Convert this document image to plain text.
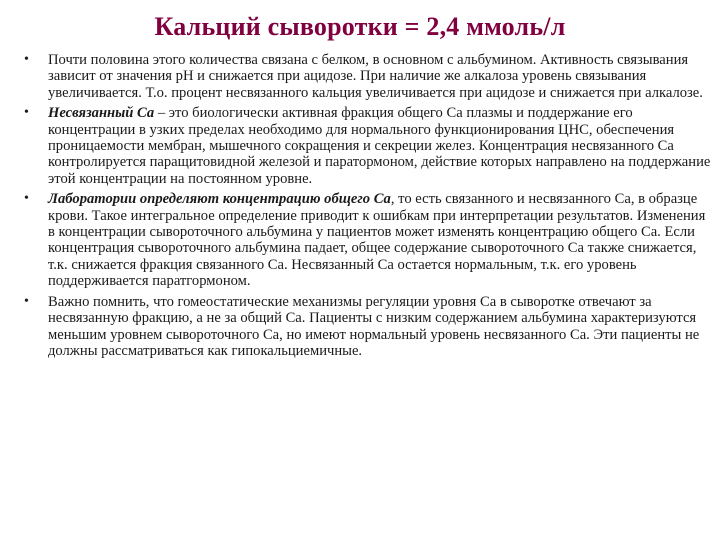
Кальций сыворотки = 2,4 ммоль/л
• Почти половина этого количества связана с белком, в основном с альбумином. Активность связывания зависит от значения рН и снижается при ацидозе. При наличие же алкалоза уровень связывания увеличивается. Т.о. процент несвязанного кальция увеличивается при ацидозе и снижается при алкалозе.
• Несвязанный Са – это биологически активная фракция общего Са плазмы и поддержание его концентрации в узких пределах необходимо для нормального функционирования ЦНС, обеспечения проницаемости мембран, мышечного сокращения и секреции желез. Концентрация несвязанного Са контролируется паращитовидной железой и паратормоном, действие которых направлено на поддержание этой концентрации на постоянном уровне.
• Лаборатории определяют концентрацию общего Са, то есть связанного и несвязанного Са, в образце крови. Такое интегральное определение приводит к ошибкам при интерпретации результатов. Изменения в концентрации сывороточного альбумина у пациентов может изменять концентрацию общего Са. Если концентрация сывороточного альбумина падает, общее содержание сывороточного Са также снижается, т.к. снижается фракция связанного Са. Несвязанный Са остается нормальным, т.к. его уровень поддерживается паратгормоном.
• Важно помнить, что гомеостатические механизмы регуляции уровня Са в сыворотке отвечают за несвязанную фракцию, а не за общий Са. Пациенты с низким содержанием альбумина характеризуются меньшим уровнем сывороточного Са, но имеют нормальный уровень несвязанного Са. Эти пациенты не должны рассматриваться как гипокальциемичные.
